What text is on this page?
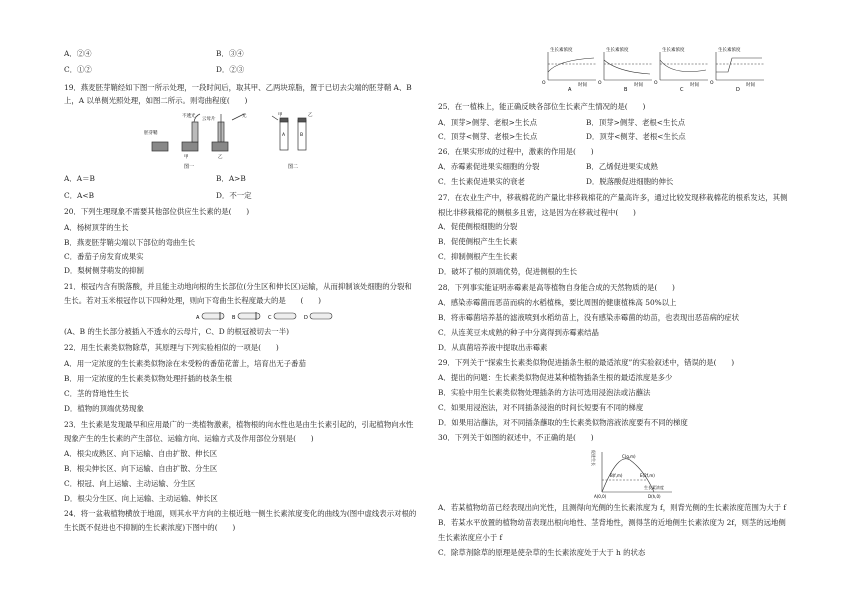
A．②④	B．③④
C．①②	D．②③
19．燕麦胚芽鞘经如下图一所示处理，一段时间后，取其甲、乙两块琼脂，置于已切去尖端的胚芽鞘 A、B
上，A 以单侧光照处理，如图二所示。则弯曲程度(　　)
不透光
云母片
光
胚芽鞘
甲	乙
A	B
甲	乙
图一	图二
A．A＝B	B．A>B
C．A<B	D．不一定
20．下列生理现象不需要其他部位供应生长素的是(　　)
A．杨树顶芽的生长
B．燕麦胚芽鞘尖端以下部位的弯曲生长
C．番茄子房发育成果实
D．梨树侧芽萌发的抑制
21．根冠内含有脱落酸，并且能主动地向根的生长部位(分生区和伸长区)运输，从而抑制该处细胞的分裂和
生长。若对玉米根冠作以下四种处理，则向下弯曲生长程度最大的是　　(　　)
A	B	C	D
(A、B 的生长部分被插入不透水的云母片，C、D 的根冠被切去一半)
22．用生长素类似物除草，其原理与下列实验相似的一项是(　　)
A．用一定浓度的生长素类似物涂在未受粉的番茄花蕾上，培育出无子番茄
B．用一定浓度的生长素类似物处理扦插的枝条生根
C．茎的背地性生长
D．植物的顶端优势现象
23．生长素是发现最早和应用最广的一类植物激素，植物根的向水性也是由生长素引起的，引起植物向水性
现象产生的生长素的产生部位、运输方向、运输方式及作用部位分别是(　　)
A．根尖成熟区、向下运输、自由扩散、伸长区
B．根尖伸长区、向下运输、自由扩散、分生区
C．根冠、向上运输、主动运输、分生区
D．根尖分生区、向上运输、主动运输、伸长区
24．将一盆栽植物横放于地面，则其水平方向的主根近地一侧生长素浓度变化的曲线为(图中虚线表示对根的
生长既不促进也不抑制的生长素浓度)下图中的(　　)
生长素浓度	生长素浓度	生长素浓度	生长素浓度
O	O	O	O
时间	时间	时间	时间
A	B	C	D
25．在一植株上，能正确反映各部位生长素产生情况的是(　　)
A．顶芽>侧芽、老根>生长点	B．顶芽>侧芽、老根<生长点
C．顶芽<侧芽、老根>生长点	D．顶芽<侧芽、老根<生长点
26．在果实形成的过程中，激素的作用是(　　)
A．赤霉素促进果实细胞的分裂	B．乙烯促进果实成熟
C．生长素促进果实的衰老	D．脱落酸促进细胞的伸长
27．在农业生产中，移栽棉花的产量比非移栽棉花的产量高许多，通过比较发现移栽棉花的根系发达，其侧
根比非移栽棉花的侧根多且密，这是因为在移栽过程中(　　)
A．促使侧根细胞的分裂
B．促使侧根产生生长素
C．抑制侧根产生生长素
D．破坏了根的顶端优势，促进侧根的生长
28．下列事实能证明赤霉素是高等植物自身能合成的天然物质的是(　　)
A．感染赤霉菌而恶苗而病的水稻植株，要比周围的健康植株高 50%以上
B．将赤霉菌培养基的滤液喷到水稻幼苗上，没有感染赤霉菌的幼苗，也表现出恶苗病的症状
C．从连荚豆未成熟的种子中分离得到赤霉素结晶
D．从真菌培养液中提取出赤霉素
29．下列关于“探索生长素类似物促进插条生根的最适浓度”的实验叙述中，错误的是(　　)
A．提出的问题：生长素类似物促进某种植物插条生根的最适浓度是多少
B．实验中用生长素类似物处理插条的方法可选用浸泡法或沾蘸法
C．如果用浸泡法，对不同插条浸泡的时间长短要有不同的梯度
D．如果用沾蘸法，对不同插条蘸取的生长素类似物溶液浓度要有不同的梯度
30．下列关于如图的叙述中，不正确的是(　　)
促进生长	C(g,m)
B(f,m)	E(2f,m)
A(0,0)	D(h,0)
生长素浓度
A．若某植物幼苗已经表现出向光性，且测得向光侧的生长素浓度为 f，则背光侧的生长素浓度范围为大于 f
B．若某水平放置的植物幼苗表现出根向地性、茎背地性，测得茎的近地侧生长素浓度为 2f，则茎的远地侧
生长素浓度应小于 f
C．除草剂除草的原理是使杂草的生长素浓度处于大于 h 的状态
